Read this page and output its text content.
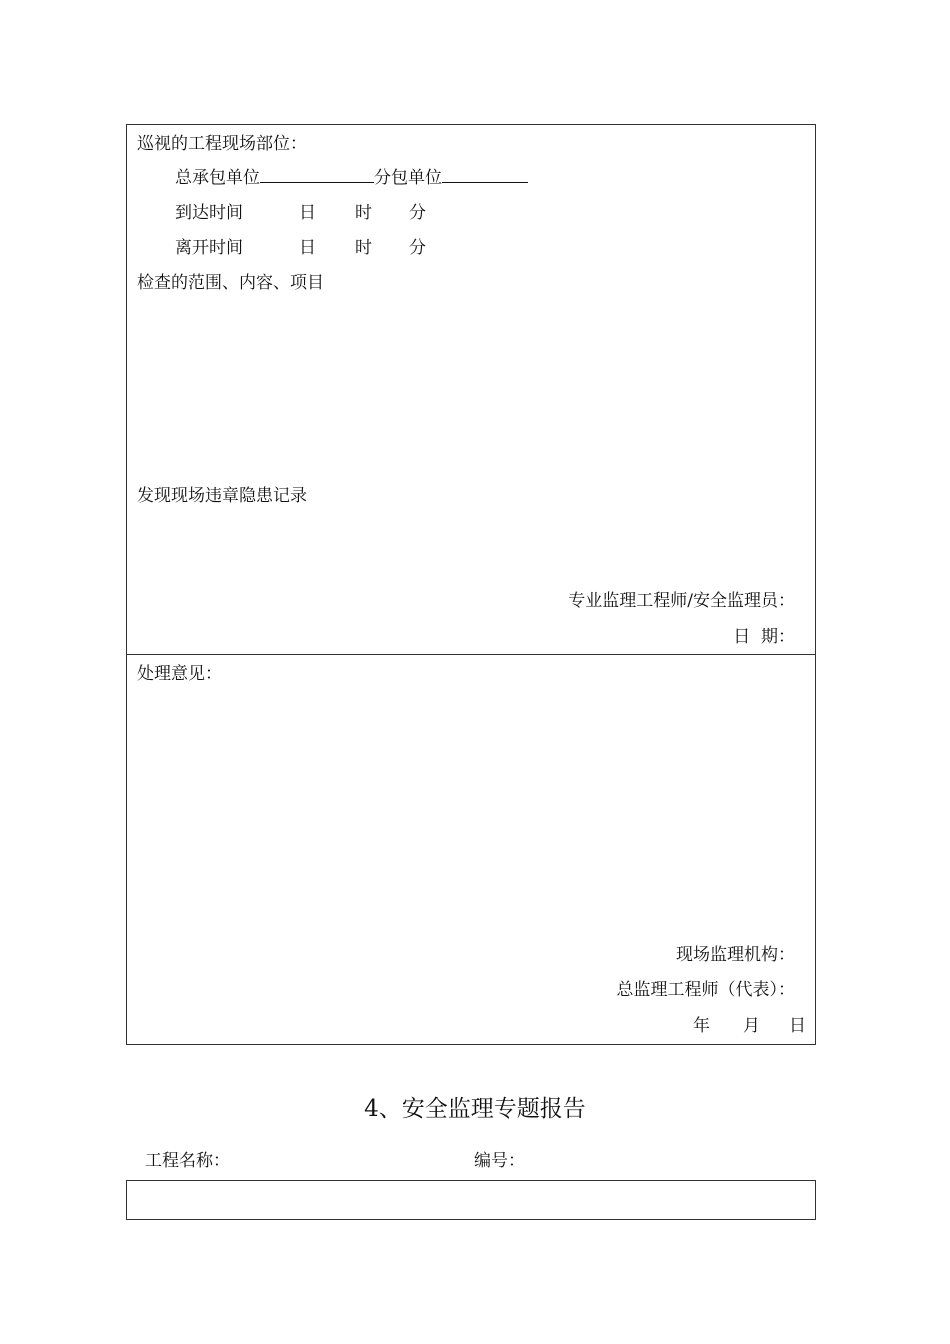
巡视的工程现场部位：
总承包单位	分包单位
到达时间	日 时 分
离开时间	日 时 分
检查的范围、内容、项目
发现现场违章隐患记录
专业监理工程师/安全监理员：
日  期：
处理意见：
现场监理机构：
总监理工程师（代表）：
年 月 日
4、安全监理专题报告
工程名称：	编号：
